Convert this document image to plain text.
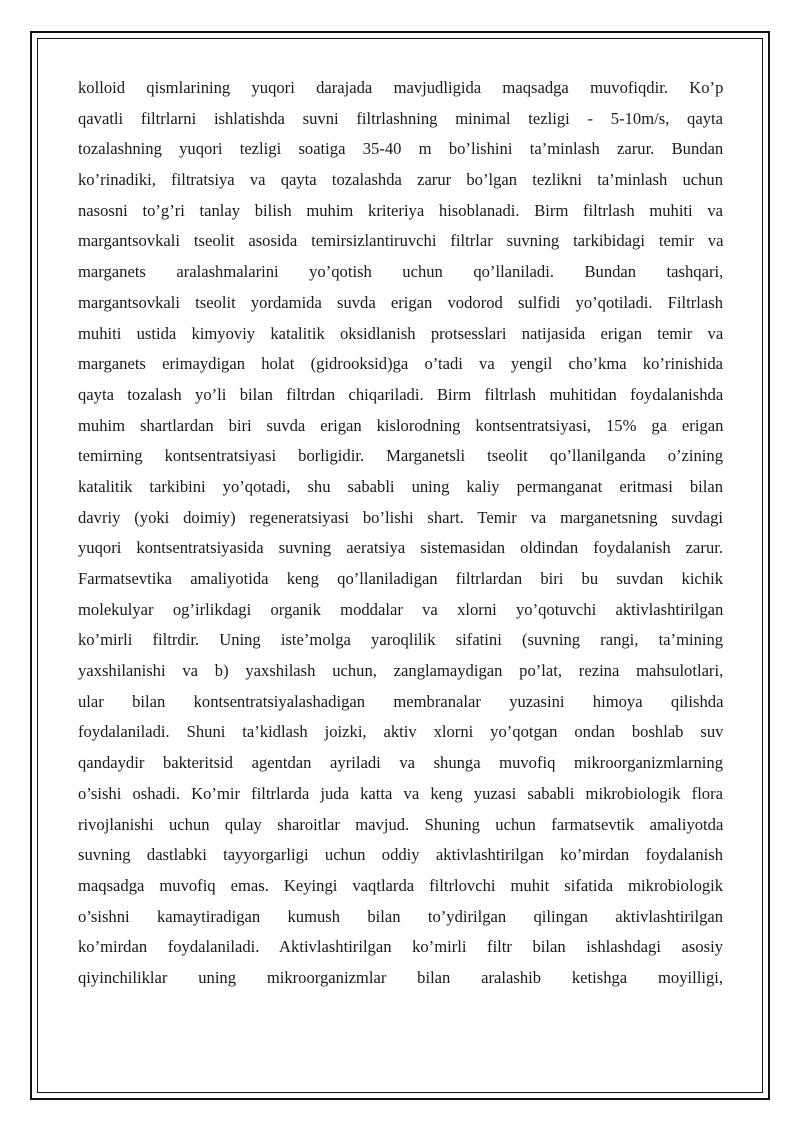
kolloid qismlarining yuqori darajada mavjudligida maqsadga muvofiqdir. Ko’p
qavatli filtrlarni ishlatishda suvni filtrlashning minimal tezligi - 5-10m/s, qayta
tozalashning yuqori tezligi soatiga 35-40 m bo’lishini ta’minlash zarur. Bundan
ko’rinadiki, filtratsiya va qayta tozalashda zarur bo’lgan tezlikni ta’minlash uchun
nasosni to’g’ri tanlay bilish muhim kriteriya hisoblanadi. Birm filtrlash muhiti va
margantsovkali tseolit asosida temirsizlantiruvchi filtrlar suvning tarkibidagi temir va
marganets aralashmalarini yo’qotish uchun qo’llaniladi. Bundan tashqari,
margantsovkali tseolit yordamida suvda erigan vodorod sulfidi yo’qotiladi. Filtrlash
muhiti ustida kimyoviy katalitik oksidlanish protsesslari natijasida erigan temir va
marganets erimaydigan holat (gidrooksid)ga o’tadi va yengil cho’kma ko’rinishida
qayta tozalash yo’li bilan filtrdan chiqariladi. Birm filtrlash muhitidan foydalanishda
muhim shartlardan biri suvda erigan kislorodning kontsentratsiyasi, 15% ga erigan
temirning kontsentratsiyasi borligidir. Marganetsli tseolit qo’llanilganda o’zining
katalitik tarkibini yo’qotadi, shu sababli uning kaliy permanganat eritmasi bilan
davriy (yoki doimiy) regeneratsiyasi bo’lishi shart. Temir va marganetsning suvdagi
yuqori kontsentratsiyasida suvning aeratsiya sistemasidan oldindan foydalanish zarur.
Farmatsevtika amaliyotida keng qo’llaniladigan filtrlardan biri bu suvdan kichik
molekulyar og’irlikdagi organik moddalar va xlorni yo’qotuvchi aktivlashtirilgan
ko’mirli filtrdir. Uning iste’molga yaroqlilik sifatini (suvning rangi, ta’mining
yaxshilanishi va b) yaxshilash uchun, zanglamaydigan po’lat, rezina mahsulotlari,
ular bilan kontsentratsiyalashadigan membranalar yuzasini himoya qilishda
foydalaniladi. Shuni ta’kidlash joizki, aktiv xlorni yo’qotgan ondan boshlab suv
qandaydir bakteritsid agentdan ayriladi va shunga muvofiq mikroorganizmlarning
o’sishi oshadi. Ko’mir filtrlarda juda katta va keng yuzasi sababli mikrobiologik flora
rivojlanishi uchun qulay sharoitlar mavjud. Shuning uchun farmatsevtik amaliyotda
suvning dastlabki tayyorgarligi uchun oddiy aktivlashtirilgan ko’mirdan foydalanish
maqsadga muvofiq emas. Keyingi vaqtlarda filtrlovchi muhit sifatida mikrobiologik
o’sishni kamaytiradigan kumush bilan to’ydirilgan qilingan aktivlashtirilgan
ko’mirdan foydalaniladi. Aktivlashtirilgan ko’mirli filtr bilan ishlashdagi asosiy
qiyinchiliklar uning mikroorganizmlar bilan aralashib ketishga moyilligi,
